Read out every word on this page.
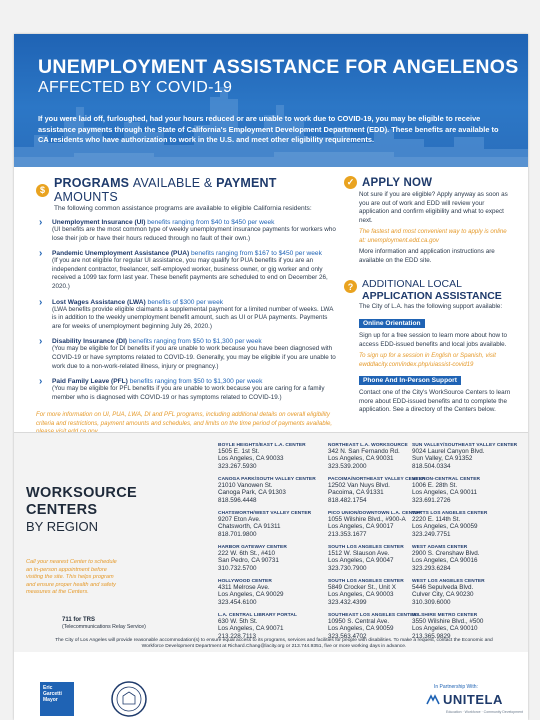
UNEMPLOYMENT ASSISTANCE FOR ANGELENOS
AFFECTED BY COVID-19
If you were laid off, furloughed, had your hours reduced or are unable to work due to COVID-19, you may be eligible to receive assistance payments through the State of California's Employment Development Department (EDD). These benefits are available to CA residents who have authorization to work in the U.S. and meet other eligibility requirements.
$ PROGRAMS AVAILABLE & PAYMENT AMOUNTS
The following common assistance programs are available to eligible California residents:
› Unemployment Insurance (UI) benefits ranging from $40 to $450 per week
(UI benefits are the most common type of weekly unemployment insurance payments for workers who lose their job or have their hours reduced through no fault of their own.)
› Pandemic Unemployment Assistance (PUA) benefits ranging from $167 to $450 per week
(If you are not eligible for regular UI assistance, you may qualify for PUA benefits if you are an independent contractor, freelancer, self-employed worker, business owner, or gig worker and only received a 1099 tax form last year. These benefit payments are scheduled to end on December 26, 2020.)
› Lost Wages Assistance (LWA) benefits of $300 per week
(LWA benefits provide eligible claimants a supplemental payment for a limited number of weeks. LWA is in addition to the weekly unemployment benefit amount, such as UI or PUA payments. Payments are for weeks of unemployment beginning July 26, 2020.)
› Disability Insurance (DI) benefits ranging from $50 to $1,300 per week
(You may be eligible for DI benefits if you are unable to work because you have been diagnosed with COVID-19 or have symptoms related to COVID-19. Generally, you may be eligible if you are unable to work due to a non-work-related illness, injury or pregnancy.)
› Paid Family Leave (PFL) benefits ranging from $50 to $1,300 per week
(You may be eligible for PFL benefits if you are unable to work because you are caring for a family member who is diagnosed with COVID-19 or has symptoms related to COVID-19.)
For more information on UI, PUA, LWA, DI and PFL programs, including additional details on overall eligibility criteria and restrictions, payment amounts and schedules, and limits on the time period of payments available,
✓ APPLY NOW
Not sure if you are eligible? Apply anyway as soon as you are out of work and EDD will review your application and confirm eligibility and what to expect next.
The fastest and most convenient way to apply is online at: unemployment.edd.ca.gov
More information and application instructions are available on the EDD site.
? ADDITIONAL LOCAL
APPLICATION ASSISTANCE
The City of L.A. has the following support available:
Online Orientation
Sign up for a free session to learn more about how to access EDD-issued benefits and local jobs available.
To sign up for a session in English or Spanish, visit ewddlacity.com/index.php/uiassist-covid19
Phone And In-Person Support
Contact one of the City's WorkSource Centers to learn more about EDD-issued benefits and to complete the application. See a directory of the Centers below.
WORKSOURCE
CENTERS
BY REGION
Call your nearest Center to schedule an in-person appointment before visiting the site. This helps program and ensure proper health and safety measures at the Centers.
711 for TRS
(Telecommunications Relay Service)
BOYLE HEIGHTS/EAST L.A. CENTER
1505 E. 1st St.
Los Angeles, CA 90033
323.267.5930
CANOGA PARK/SOUTH VALLEY CENTER
21010 Vanowen St.
Canoga Park, CA 91303
818.596.4448
CHATSWORTH/WEST VALLEY CENTER
9207 Eton Ave.
Chatsworth, CA 91311
818.701.9800
HARBOR GATEWAY CENTER
222 W. 6th St., #410
San Pedro, CA 90731
310.732.5700
HOLLYWOOD CENTER
4311 Melrose Ave.
Los Angeles, CA 90029
323.454.6100
L.A. CENTRAL LIBRARY PORTAL
630 W. 5th St.
Los Angeles, CA 90071
213.228.7113
NORTHEAST L.A. WORKSOURCE
342 N. San Fernando Rd.
Los Angeles, CA 90031
323.539.2000
PACOIMA/NORTHEAST VALLEY CENTER
12502 Van Nuys Blvd.
Pacoima, CA 91331
818.482.1754
PICO UNION/DOWNTOWN L.A. CENTER
1055 Wilshire Blvd., #900-A
Los Angeles, CA 90017
213.353.1677
SOUTH LOS ANGELES CENTER
1512 W. Slauson Ave.
Los Angeles, CA 90047
323.730.7900
SOUTH LOS ANGELES CENTER
5849 Crocker St., Unit X
Los Angeles, CA 90003
323.432.4399
SOUTHEAST LOS ANGELES CENTER
10950 S. Central Ave.
Los Angeles, CA 90059
323.563.4702
SUN VALLEY/SOUTHEAST VALLEY CENTER
9024 Laurel Canyon Blvd.
Sun Valley, CA 91352
818.504.0334
VERNON-CENTRAL CENTER
1006 E. 28th St.
Los Angeles, CA 90011
323.691.2726
WATTS LOS ANGELES CENTER
2220 E. 114th St.
Los Angeles, CA 90059
323.249.7751
WEST ADAMS CENTER
2900 S. Crenshaw Blvd.
Los Angeles, CA 90016
323.293.6284
WEST LOS ANGELES CENTER
5446 Sepulveda Blvd.
Culver City, CA 90230
310.309.6000
WILSHIRE METRO CENTER
3550 Wilshire Blvd., #500
Los Angeles, CA 90010
213.365.9829
The City of Los Angeles will provide reasonable accommodation(s) to ensure equal access to its programs, services and facilities for people with disabilities. To make a request, contact the Economic and Workforce Development Department at Richard.Chang@lacity.org or 213.744.9351, five or more working days in advance.
Eric Garcetti Mayor
In Partnership With:
UNITELA
Education · Workforce · Community Development
